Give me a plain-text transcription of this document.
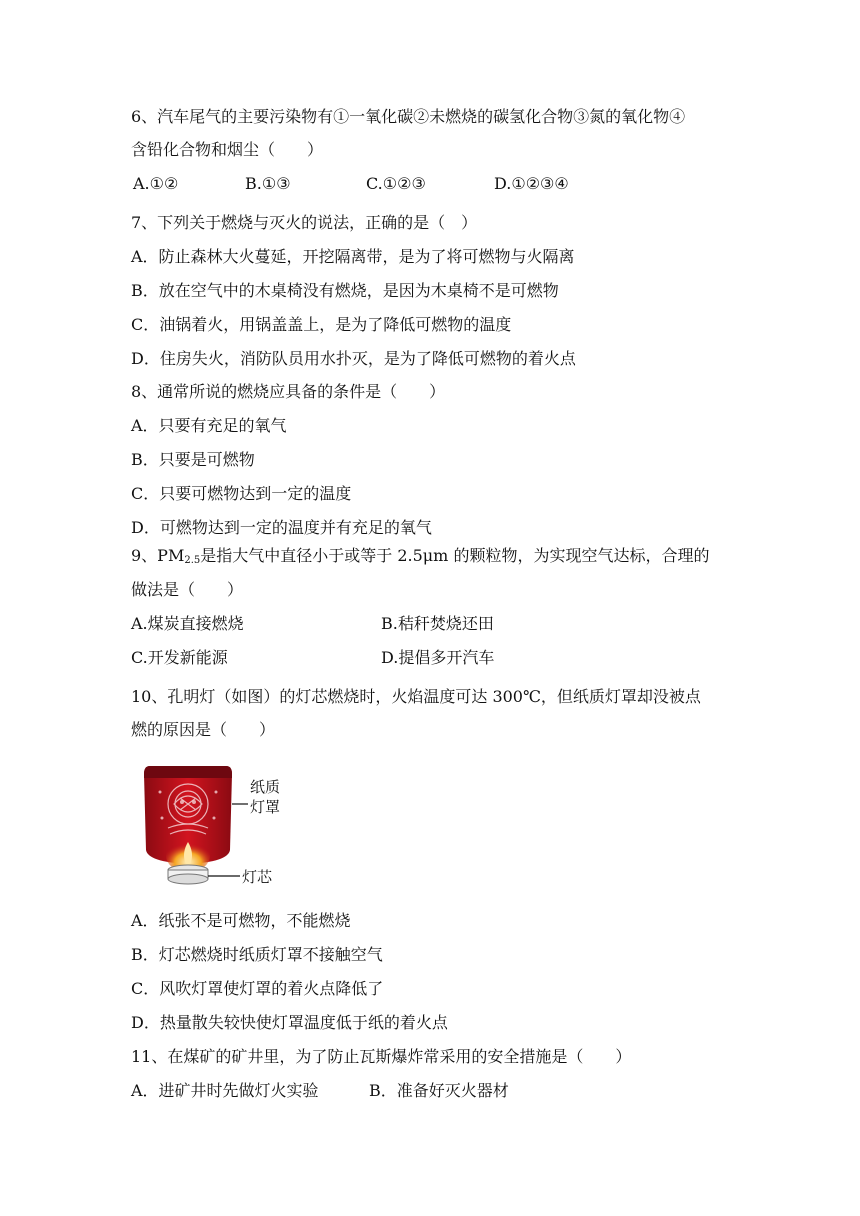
6、汽车尾气的主要污染物有①一氧化碳②未燃烧的碳氢化合物③氮的氧化物④
含铅化合物和烟尘（　　）
A.①②	B.①③	C.①②③	D.①②③④
7、下列关于燃烧与灭火的说法，正确的是（　）
A．防止森林大火蔓延，开挖隔离带，是为了将可燃物与火隔离
B．放在空气中的木桌椅没有燃烧，是因为木桌椅不是可燃物
C．油锅着火，用锅盖盖上，是为了降低可燃物的温度
D．住房失火，消防队员用水扑灭，是为了降低可燃物的着火点
8、通常所说的燃烧应具备的条件是（　　）
A．只要有充足的氧气
B．只要是可燃物
C．只要可燃物达到一定的温度
D．可燃物达到一定的温度并有充足的氧气
9、$PM_{2.5}$是指大气中直径小于或等于 2.5μm 的颗粒物，为实现空气达标，合理的
做法是（　　）
A.煤炭直接燃烧	B.秸秆焚烧还田
C.开发新能源	D.提倡多开汽车
10、孔明灯（如图）的灯芯燃烧时，火焰温度可达 300℃，但纸质灯罩却没被点
燃的原因是（　　）
纸质
灯罩
灯芯
A．纸张不是可燃物，不能燃烧
B．灯芯燃烧时纸质灯罩不接触空气
C．风吹灯罩使灯罩的着火点降低了
D．热量散失较快使灯罩温度低于纸的着火点
11、在煤矿的矿井里，为了防止瓦斯爆炸常采用的安全措施是（　　）
A．进矿井时先做灯火实验	B．准备好灭火器材
